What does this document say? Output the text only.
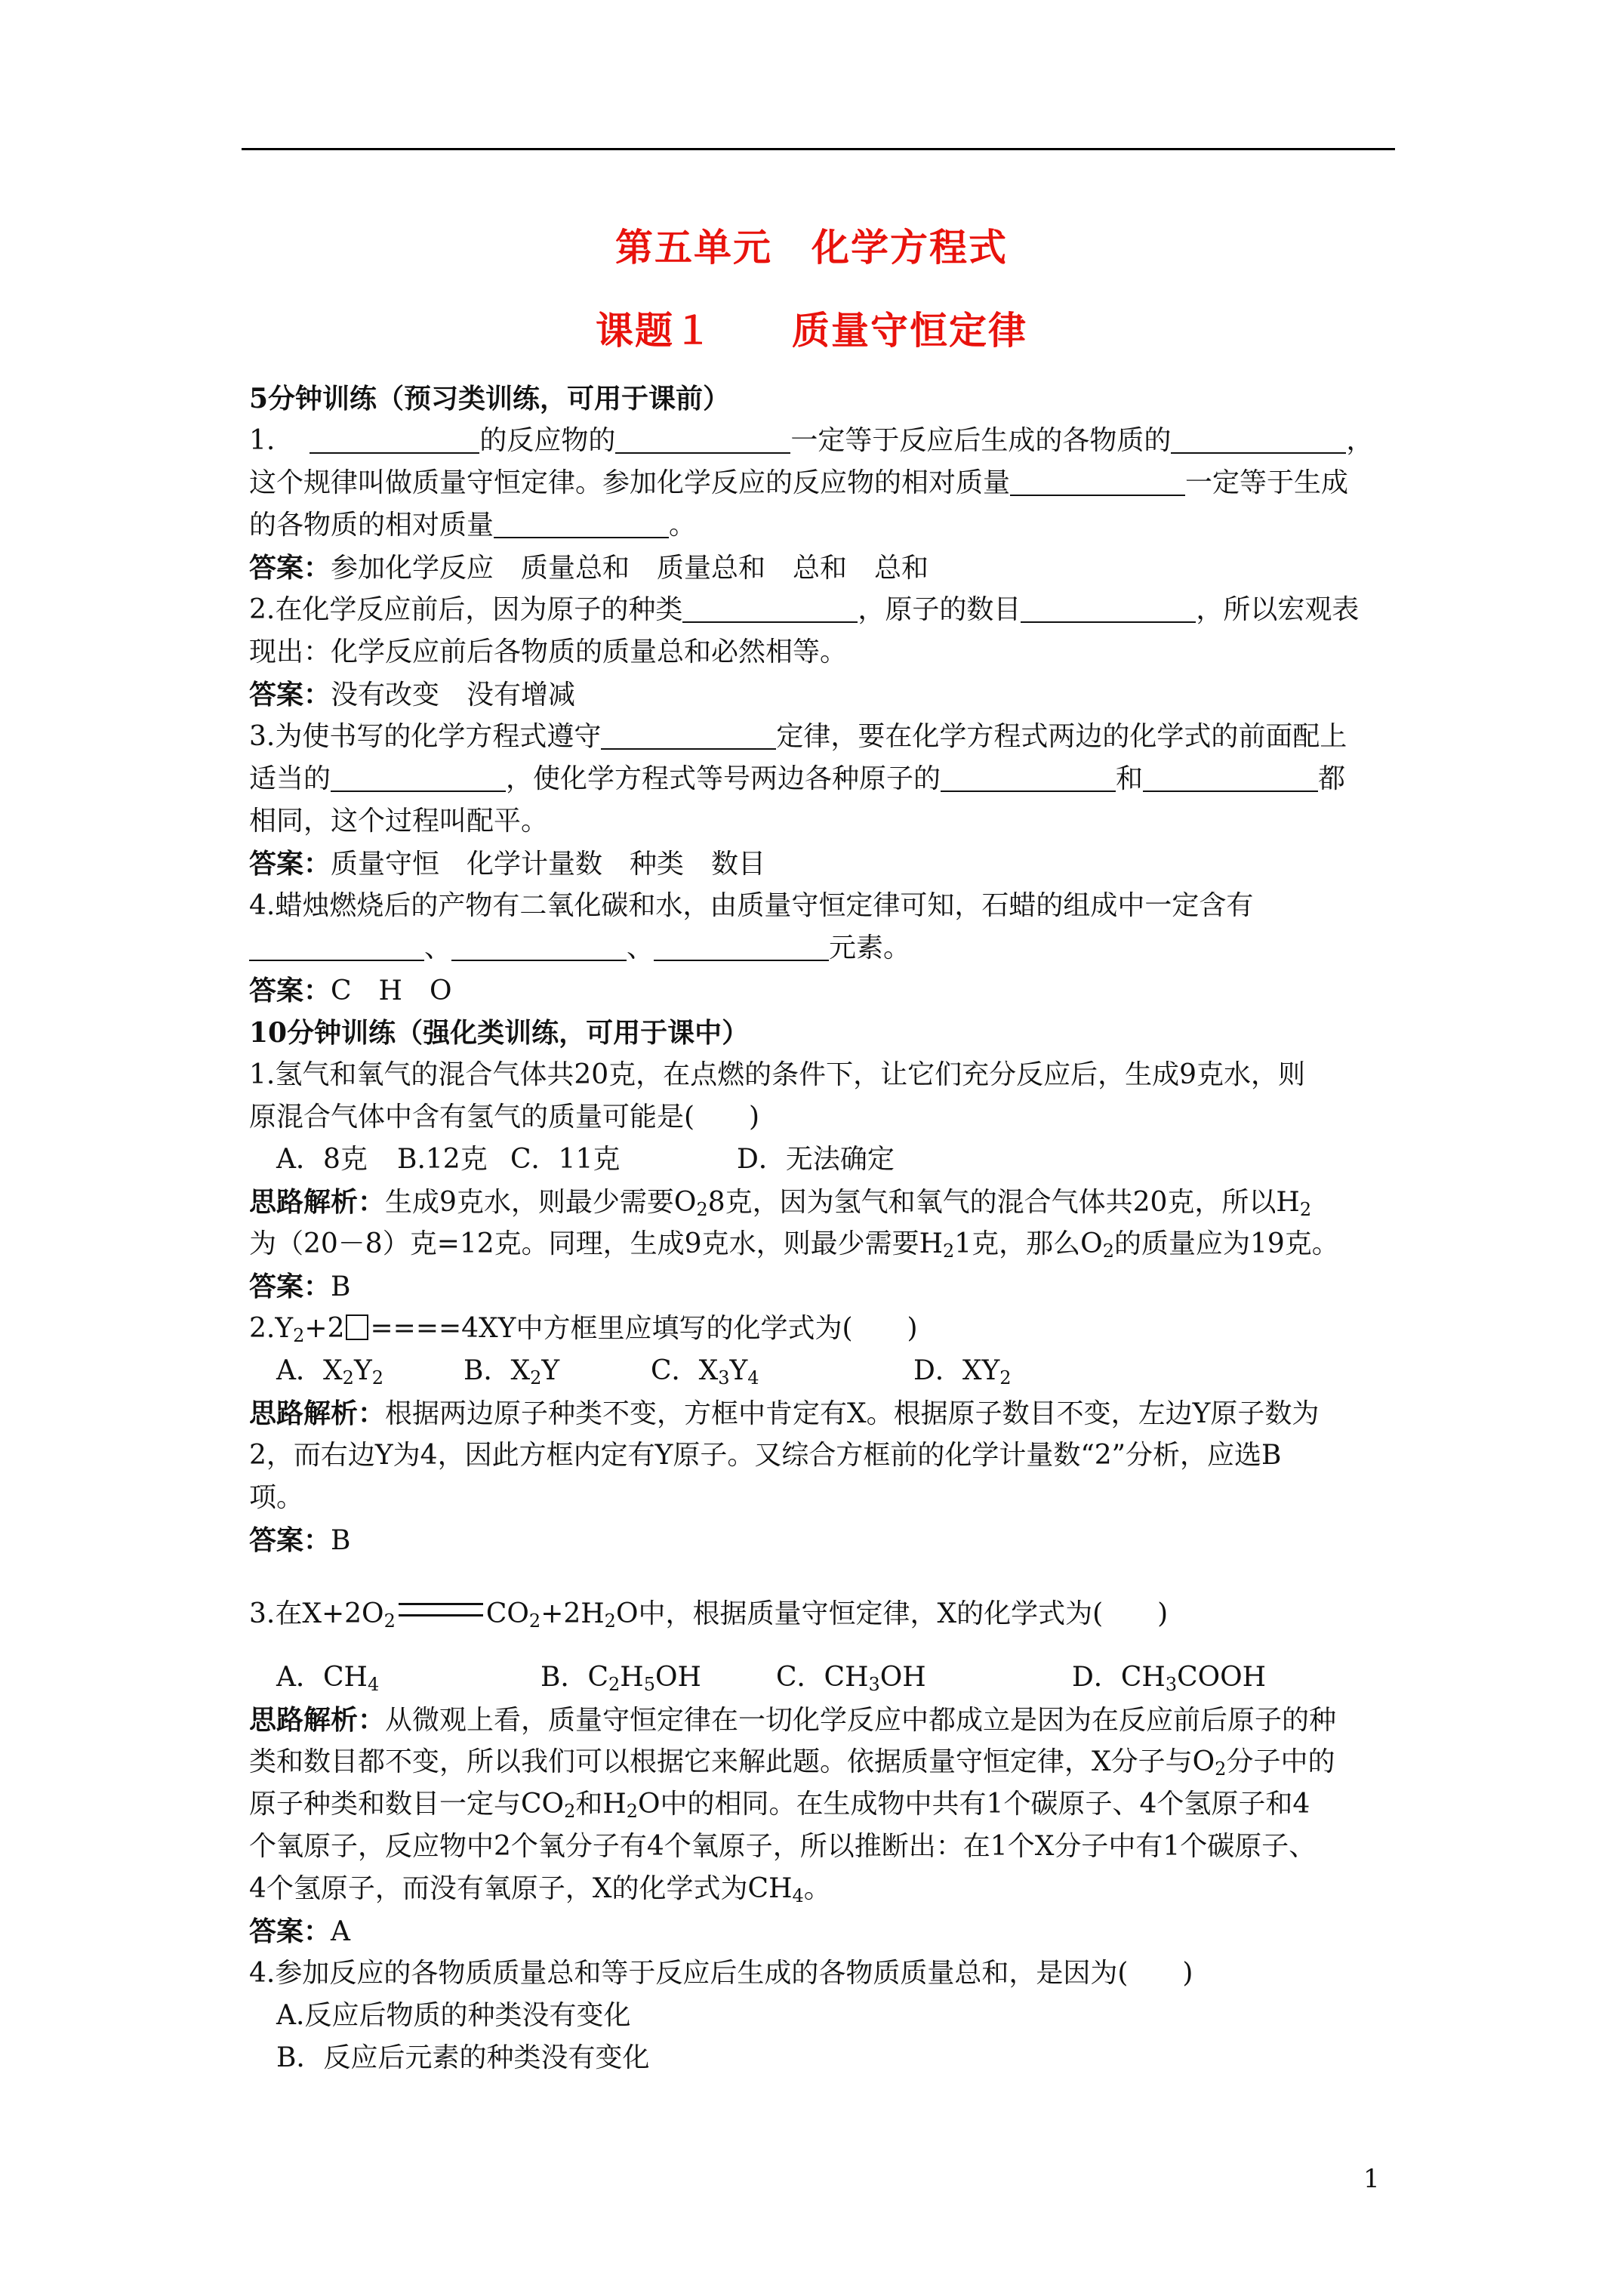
第五单元　化学方程式
课题１　　质量守恒定律
5分钟训练（预习类训练，可用于课前）
1.	的反应物的	一定等于反应后生成的各物质的	，
这个规律叫做质量守恒定律。参加化学反应的反应物的相对质量	一定等于生成
的各物质的相对质量	。
答案：参加化学反应　质量总和　质量总和　总和　总和
2.在化学反应前后，因为原子的种类	，原子的数目	，所以宏观表
现出：化学反应前后各物质的质量总和必然相等。
答案：没有改变　没有增减
3.为使书写的化学方程式遵守	定律，要在化学方程式两边的化学式的前面配上
适当的	，使化学方程式等号两边各种原子的	和	都
相同，这个过程叫配平。
答案：质量守恒　化学计量数　种类　数目
4.蜡烛燃烧后的产物有二氧化碳和水，由质量守恒定律可知，石蜡的组成中一定含有
、	、	元素。
答案：C　H　O
10分钟训练（强化类训练，可用于课中）
1.氢气和氧气的混合气体共20克，在点燃的条件下，让它们充分反应后，生成9克水，则
原混合气体中含有氢气的质量可能是(　　)
A．8克 B.12克 C．11克	D．无法确定
思路解析：生成9克水，则最少需要$O_28$克，因为氢气和氧气的混合气体共20克，所以$H_2$
为（20－8）克=12克。同理，生成9克水，则最少需要$H_21$克，那么$O_2$的质量应为19克。
答案：B
$2.Y_2+2 ====4XY$中方框里应填写的化学式为(　　)
A．$X_2Y_2$	B．$X_2Y$	C．$X_3Y_4$	D．$XY_2$
思路解析：根据两边原子种类不变，方框中肯定有X。根据原子数目不变，左边Y原子数为
2，而右边Y为4，因此方框内定有Y原子。又综合方框前的化学计量数“2”分析，应选B
项。
答案：B
3.在$X+2O_2$	$CO_2+2H_2O$中，根据质量守恒定律，X的化学式为(　　)
A．$CH_4$	B．$C_2H_5OH$	C．$CH_3OH$	D．$CH_3COOH$
思路解析：从微观上看，质量守恒定律在一切化学反应中都成立是因为在反应前后原子的种
类和数目都不变，所以我们可以根据它来解此题。依据质量守恒定律，X分子与$O_2$分子中的
原子种类和数目一定与$CO_2$和$H_2O$中的相同。在生成物中共有1个碳原子、4个氢原子和4
个氧原子，反应物中2个氧分子有4个氧原子，所以推断出：在1个X分子中有1个碳原子、
4个氢原子，而没有氧原子，X的化学式为$CH_4$。
答案：A
4.参加反应的各物质质量总和等于反应后生成的各物质质量总和，是因为(　　)
A.反应后物质的种类没有变化
B．反应后元素的种类没有变化
1
